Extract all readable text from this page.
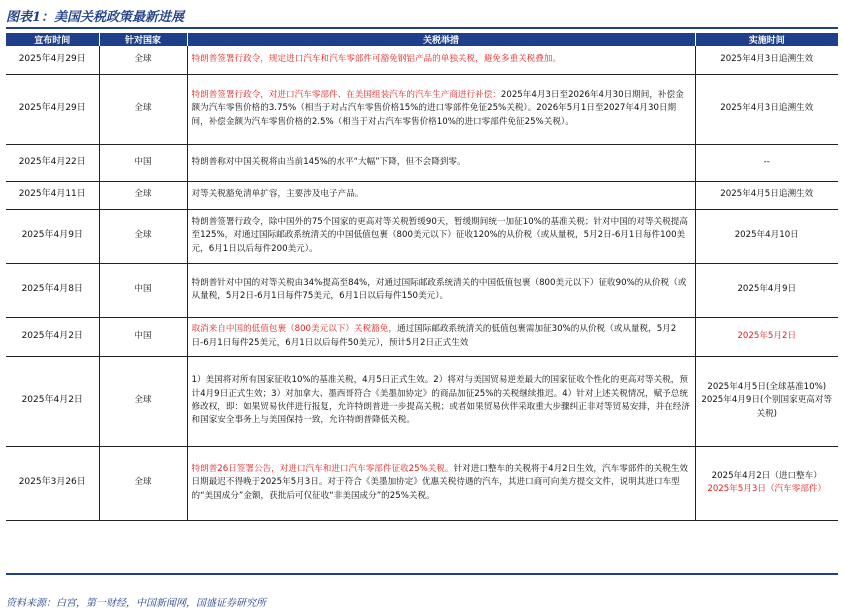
图表1：美国关税政策最新进展
宣布时间	针对国家	关税举措	实施时间
2025年4月29日	全球	特朗普签署行政令，规定进口汽车和汽车零部件可豁免钢铝产品的单独关税，避免多重关税叠加。	2025年4月3日追溯生效

2025年4月29日	全球	特朗普签署行政令，对进口汽车零部件、在美国组装汽车的汽车生产商进行补偿：2025年4月3日至2026年4月30日期间，补偿金额为汽车零售价格的3.75%（相当于对占汽车零售价格15%的进口零部件免征25%关税）。2026年5月1日至2027年4月30日期间，补偿金额为汽车零售价格的2.5%（相当于对占汽车零售价格10%的进口零部件免征25%关税）。	2025年4月3日追溯生效

2025年4月22日	中国	特朗普称对中国关税将由当前145%的水平“大幅”下降，但不会降到零。	--

2025年4月11日	全球	对等关税豁免清单扩容，主要涉及电子产品。	2025年4月5日追溯生效

2025年4月9日	全球	特朗普签署行政令，除中国外的75个国家的更高对等关税暂缓90天，暂缓期间统一加征10%的基准关税；针对中国的对等关税提高至125%，对通过国际邮政系统清关的中国低值包裹（800美元以下）征收120%的从价税（或从量税，5月2日-6月1日每件100美元，6月1日以后每件200美元）。	2025年4月10日

2025年4月8日	中国	特朗普针对中国的对等关税由34%提高至84%，对通过国际邮政系统清关的中国低值包裹（800美元以下）征收90%的从价税（或从量税，5月2日-6月1日每件75美元，6月1日以后每件150美元）。	2025年4月9日

2025年4月2日	中国	取消来自中国的低值包裹（800美元以下）关税豁免，通过国际邮政系统清关的低值包裹需加征30%的从价税（或从量税，5月2日-6月1日每件25美元，6月1日以后每件50美元），预计5月2日正式生效	2025年5月2日

2025年4月2日	全球	1）美国将对所有国家征收10%的基准关税，4月5日正式生效。2）将对与美国贸易逆差最大的国家征收个性化的更高对等关税，预计4月9日正式生效；3）对加拿大、墨西哥符合《美墨加协定》的商品加征25%的关税继续推迟。4）针对上述关税情况，赋予总统修改权，即：如果贸易伙伴进行报复，允许特朗普进一步提高关税；或者如果贸易伙伴采取重大步骤纠正非对等贸易安排，并在经济和国家安全事务上与美国保持一致，允许特朗普降低关税。	2025年4月5日(全球基准10%)
2025年4月9日(个别国家更高对等关税)

2025年3月26日	全球	特朗普26日签署公告，对进口汽车和进口汽车零部件征收25%关税。针对进口整车的关税将于4月2日生效，汽车零部件的关税生效日期最迟不得晚于2025年5月3日。对于符合《美墨加协定》优惠关税待遇的汽车，其进口商可向美方提交文件，说明其进口车型的“美国成分”金额，获批后可仅征收“非美国成分”的25%关税。	2025年4月2日（进口整车）
2025年5月3日（汽车零部件）
资料来源：白宫，第一财经，中国新闻网，国盛证券研究所
